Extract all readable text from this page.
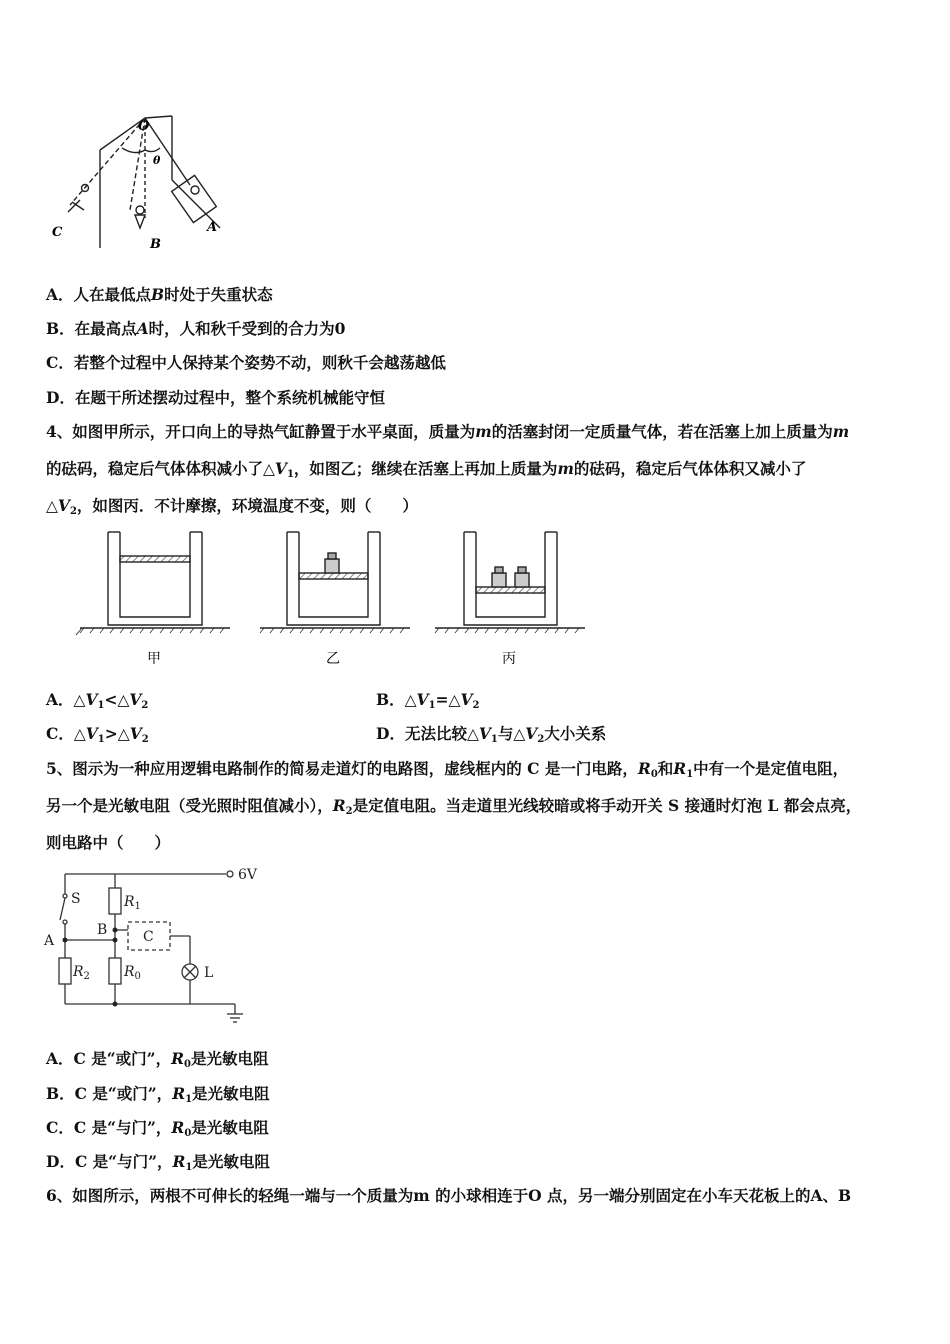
O
θ
C
B
A
A．人在最低点B时处于失重状态
B．在最高点A时，人和秋千受到的合力为0
C．若整个过程中人保持某个姿势不动，则秋千会越荡越低
D．在题干所述摆动过程中，整个系统机械能守恒
4、如图甲所示，开口向上的导热气缸静置于水平桌面，质量为m的活塞封闭一定质量气体，若在活塞上加上质量为m
的砝码，稳定后气体体积减小了$\triangle V_1$，如图乙；继续在活塞上再加上质量为m的砝码，稳定后气体体积又减小了
$\triangle V_2$，如图丙．不计摩擦，环境温度不变，则（　　）
甲	乙	丙
A．$\triangle V_1<\triangle V_2$	B．$\triangle V_1=\triangle V_2$
C．$\triangle V_1>\triangle V_2$	D．无法比较$\triangle V_1$与$\triangle V_2$大小关系
5、图示为一种应用逻辑电路制作的简易走道灯的电路图，虚线框内的 C 是一门电路，$R_0$和$R_1$中有一个是定值电阻，
另一个是光敏电阻（受光照时阻值减小），$R_2$是定值电阻。当走道里光线较暗或将手动开关 S 接通时灯泡 L 都会点亮，
则电路中（　　）
6V
S
A
B	C
L
$R_1$
$R_2$ $R_0$
A．C 是“或门”，$R_0$是光敏电阻
B．C 是“或门”，$R_1$是光敏电阻
C．C 是“与门”，$R_0$是光敏电阻
D．C 是“与门”，$R_1$是光敏电阻
6、如图所示，两根不可伸长的轻绳一端与一个质量为m 的小球相连于O 点，另一端分别固定在小车天花板上的A、B
